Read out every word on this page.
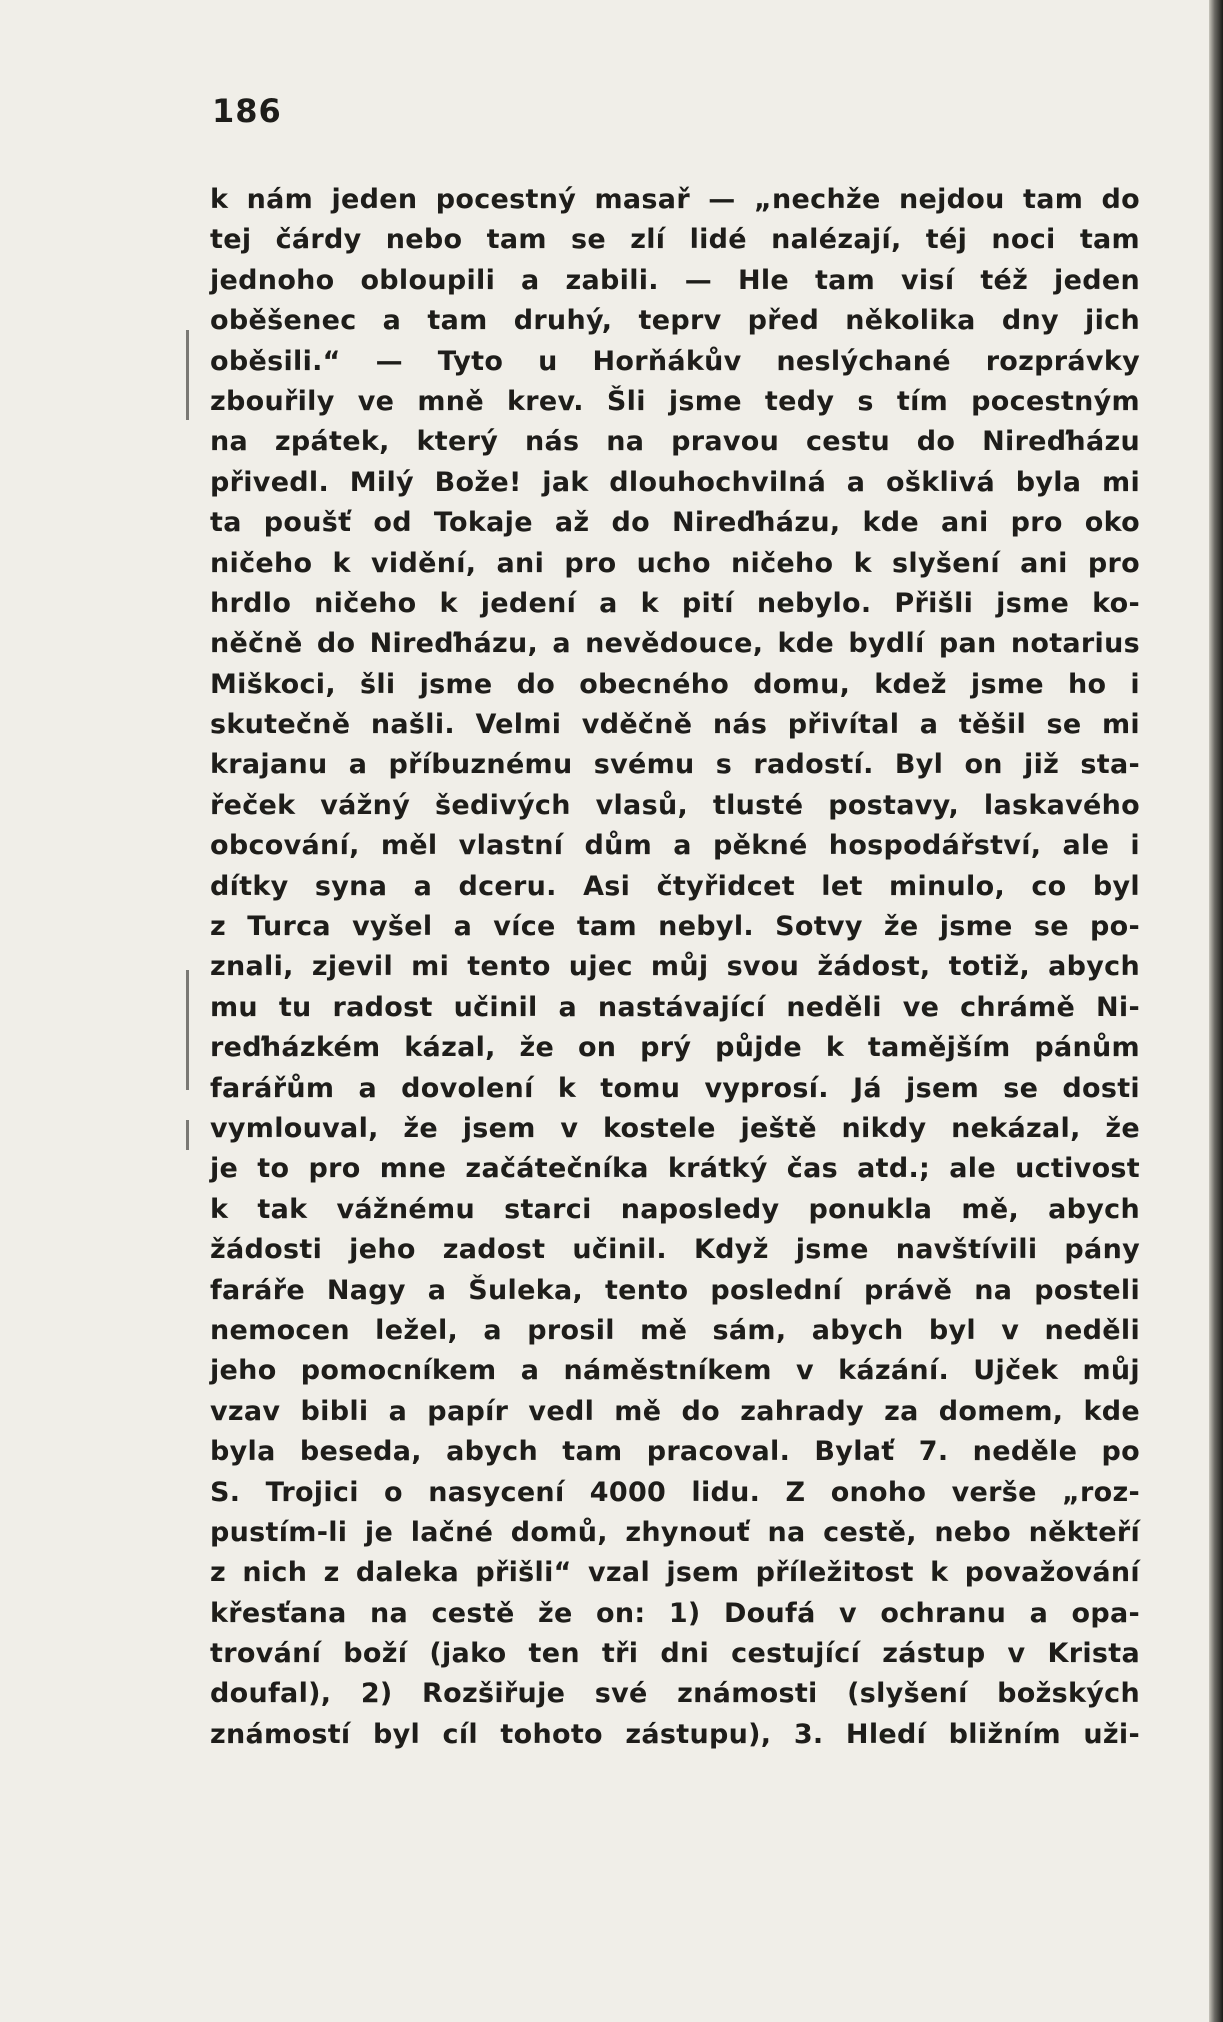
186
k nám jeden pocestný masař — „nechže nejdou tam do
tej čárdy nebo tam se zlí lidé nalézají, téj noci tam
jednoho obloupili a zabili. — Hle tam visí též jeden
oběšenec a tam druhý, teprv před několika dny jich
oběsili.“ — Tyto u Horňákův neslýchané rozprávky
zbouřily ve mně krev. Šli jsme tedy s tím pocestným
na zpátek, který nás na pravou cestu do Nireďházu
přivedl. Milý Bože! jak dlouhochvilná a ošklivá byla mi
ta poušť od Tokaje až do Nireďházu, kde ani pro oko
ničeho k vidění, ani pro ucho ničeho k slyšení ani pro
hrdlo ničeho k jedení a k pití nebylo. Přišli jsme ko-
něčně do Nireďházu, a nevědouce, kde bydlí pan notarius
Miškoci, šli jsme do obecného domu, kdež jsme ho i
skutečně našli. Velmi vděčně nás přivítal a těšil se mi
krajanu a příbuznému svému s radostí. Byl on již sta-
řeček vážný šedivých vlasů, tlusté postavy, laskavého
obcování, měl vlastní dům a pěkné hospodářství, ale i
dítky syna a dceru. Asi čtyřidcet let minulo, co byl
z Turca vyšel a více tam nebyl. Sotvy že jsme se po-
znali, zjevil mi tento ujec můj svou žádost, totiž, abych
mu tu radost učinil a nastávající neděli ve chrámě Ni-
reďházkém kázal, že on prý půjde k tamějším pánům
farářům a dovolení k tomu vyprosí. Já jsem se dosti
vymlouval, že jsem v kostele ještě nikdy nekázal, že
je to pro mne začátečníka krátký čas atd.; ale uctivost
k tak vážnému starci naposledy ponukla mě, abych
žádosti jeho zadost učinil. Když jsme navštívili pány
faráře Nagy a Šuleka, tento poslední právě na posteli
nemocen ležel, a prosil mě sám, abych byl v neděli
jeho pomocníkem a náměstníkem v kázání. Ujček můj
vzav bibli a papír vedl mě do zahrady za domem, kde
byla beseda, abych tam pracoval. Bylať 7. neděle po
S. Trojici o nasycení 4000 lidu. Z onoho verše „roz-
pustím-li je lačné domů, zhynouť na cestě, nebo někteří
z nich z daleka přišli“ vzal jsem příležitost k považování
křesťana na cestě že on: 1) Doufá v ochranu a opa-
trování boží (jako ten tři dni cestující zástup v Krista
doufal), 2) Rozšiřuje své známosti (slyšení božských
známostí byl cíl tohoto zástupu), 3. Hledí bližním uži-
